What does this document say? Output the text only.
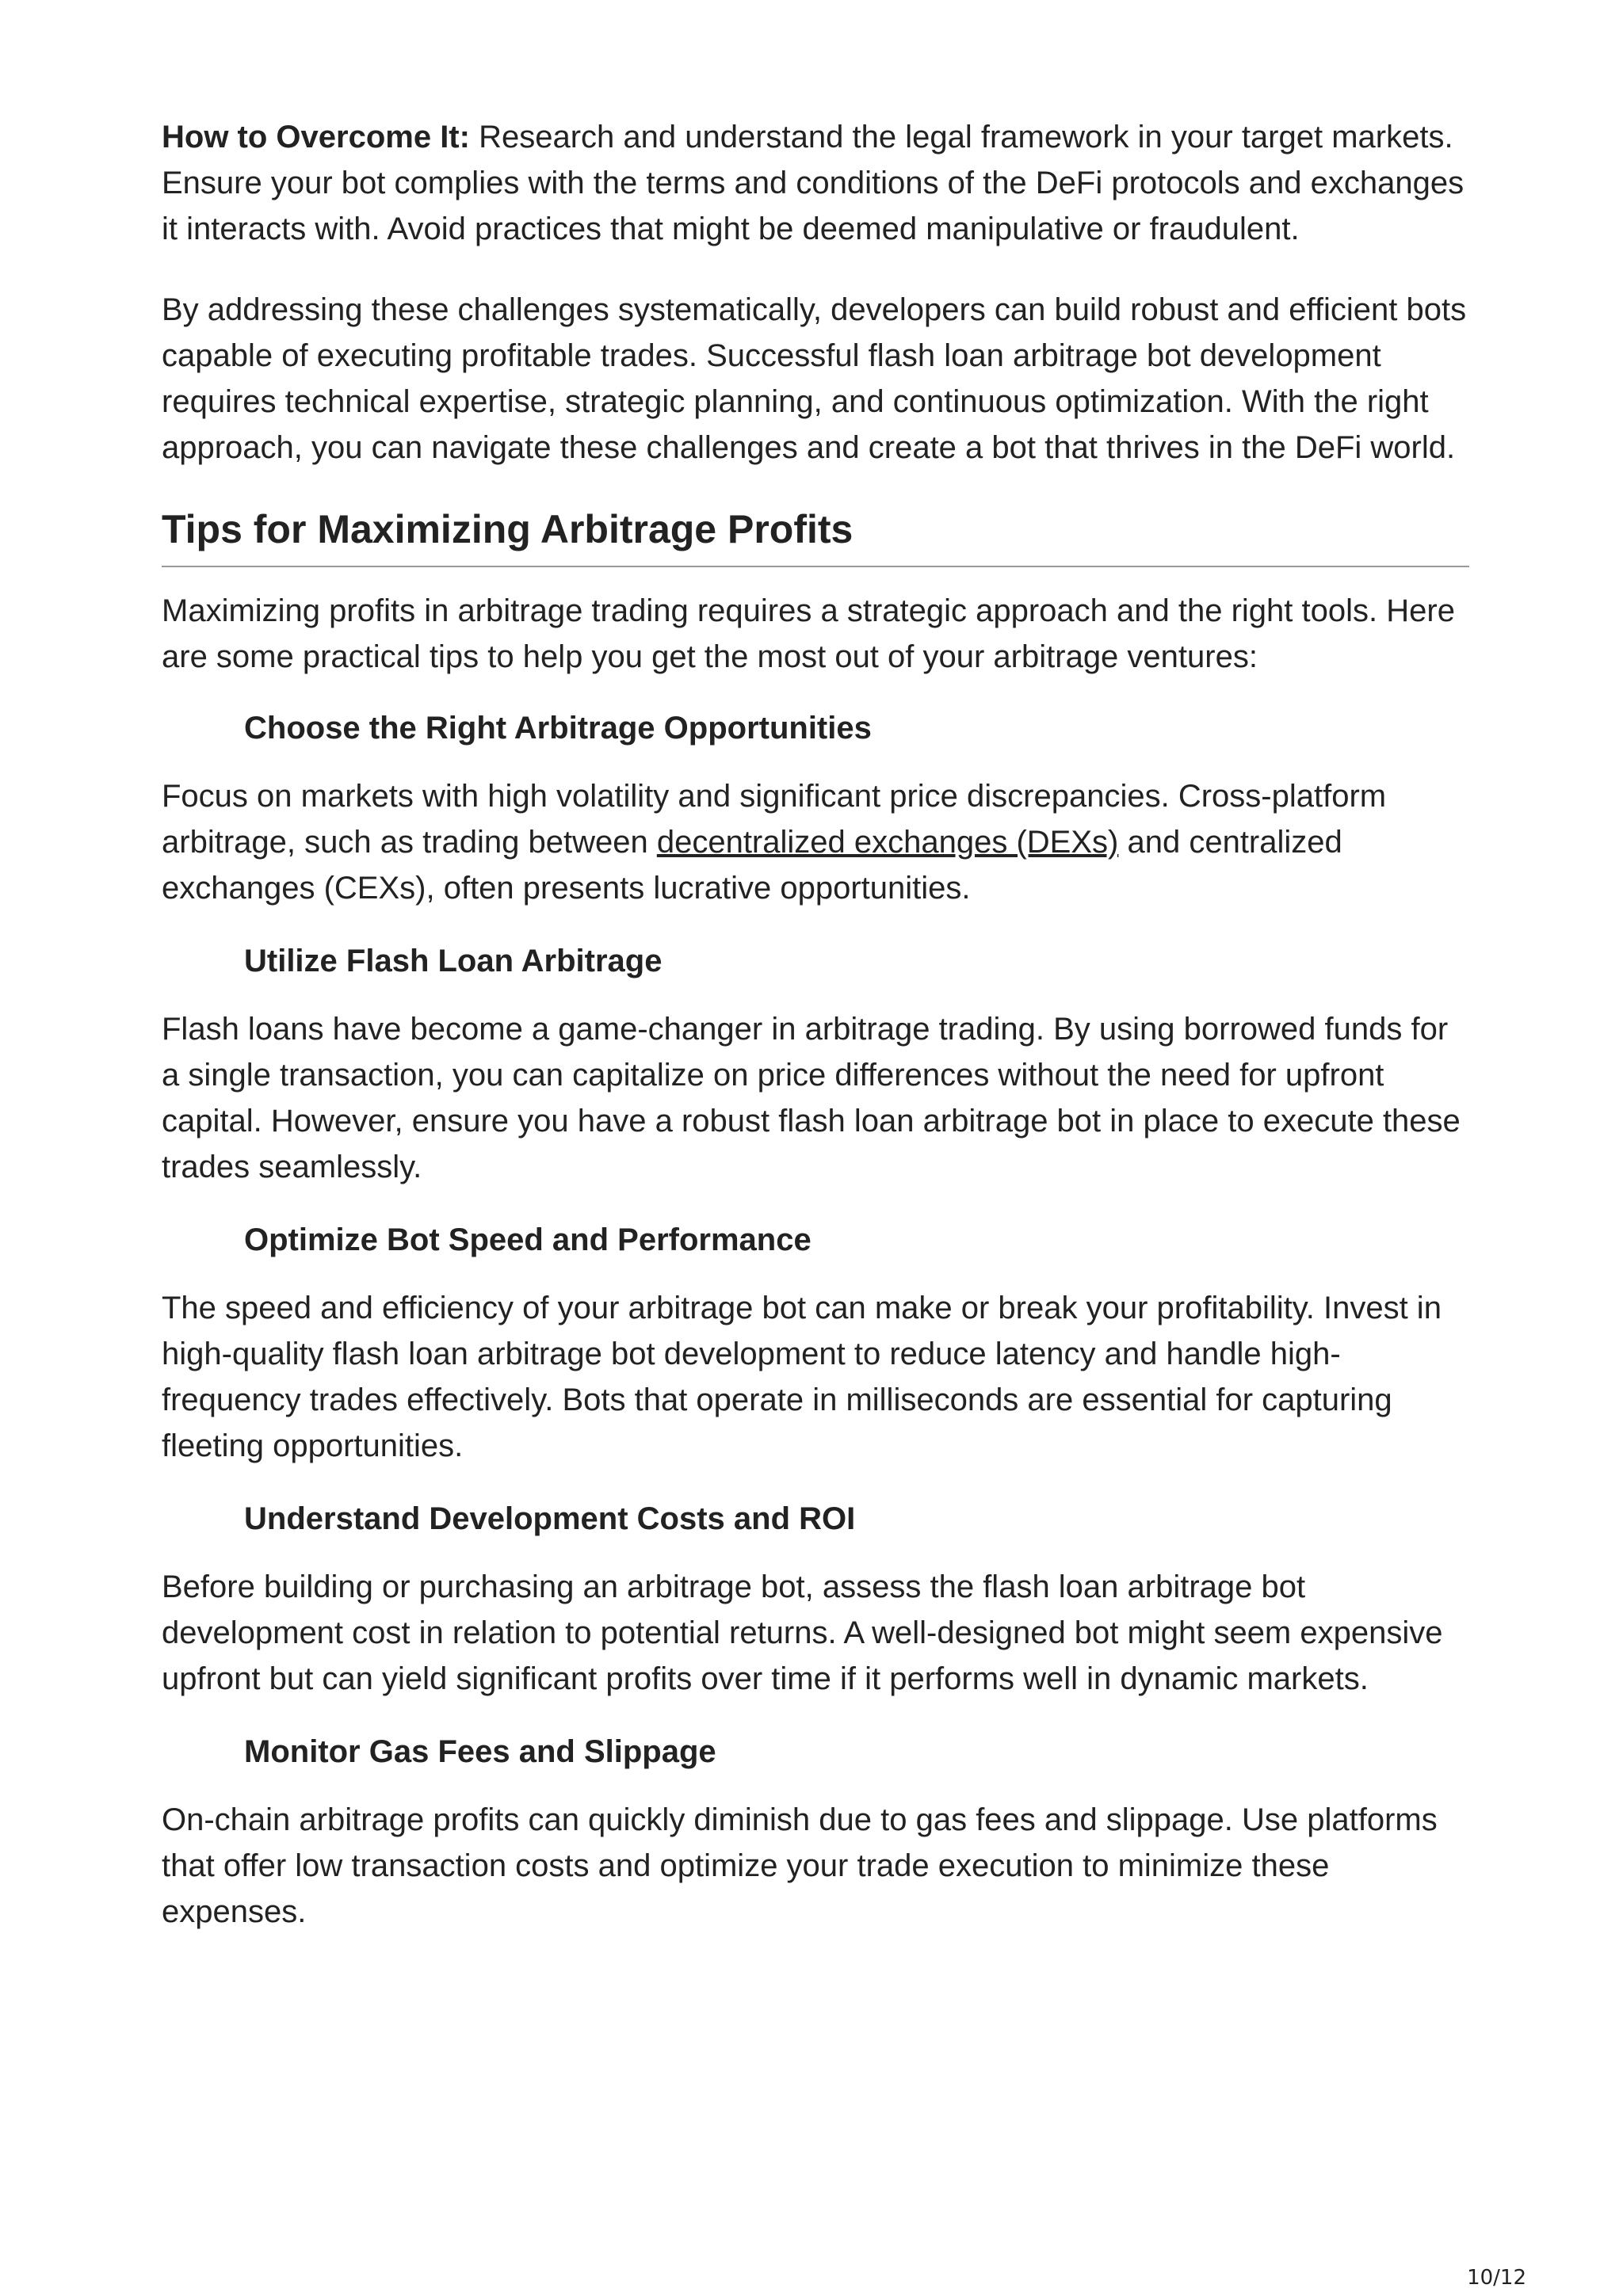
How to Overcome It: Research and understand the legal framework in your target markets. Ensure your bot complies with the terms and conditions of the DeFi protocols and exchanges it interacts with. Avoid practices that might be deemed manipulative or fraudulent.

By addressing these challenges systematically, developers can build robust and efficient bots capable of executing profitable trades. Successful flash loan arbitrage bot development requires technical expertise, strategic planning, and continuous optimization. With the right approach, you can navigate these challenges and create a bot that thrives in the DeFi world.

Tips for Maximizing Arbitrage Profits

Maximizing profits in arbitrage trading requires a strategic approach and the right tools. Here are some practical tips to help you get the most out of your arbitrage ventures:

Choose the Right Arbitrage Opportunities

Focus on markets with high volatility and significant price discrepancies. Cross-platform arbitrage, such as trading between decentralized exchanges (DEXs) and centralized exchanges (CEXs), often presents lucrative opportunities.

Utilize Flash Loan Arbitrage

Flash loans have become a game-changer in arbitrage trading. By using borrowed funds for a single transaction, you can capitalize on price differences without the need for upfront capital. However, ensure you have a robust flash loan arbitrage bot in place to execute these trades seamlessly.

Optimize Bot Speed and Performance

The speed and efficiency of your arbitrage bot can make or break your profitability. Invest in high-quality flash loan arbitrage bot development to reduce latency and handle high-frequency trades effectively. Bots that operate in milliseconds are essential for capturing fleeting opportunities.

Understand Development Costs and ROI

Before building or purchasing an arbitrage bot, assess the flash loan arbitrage bot development cost in relation to potential returns. A well-designed bot might seem expensive upfront but can yield significant profits over time if it performs well in dynamic markets.

Monitor Gas Fees and Slippage

On-chain arbitrage profits can quickly diminish due to gas fees and slippage. Use platforms that offer low transaction costs and optimize your trade execution to minimize these expenses.

10/12
